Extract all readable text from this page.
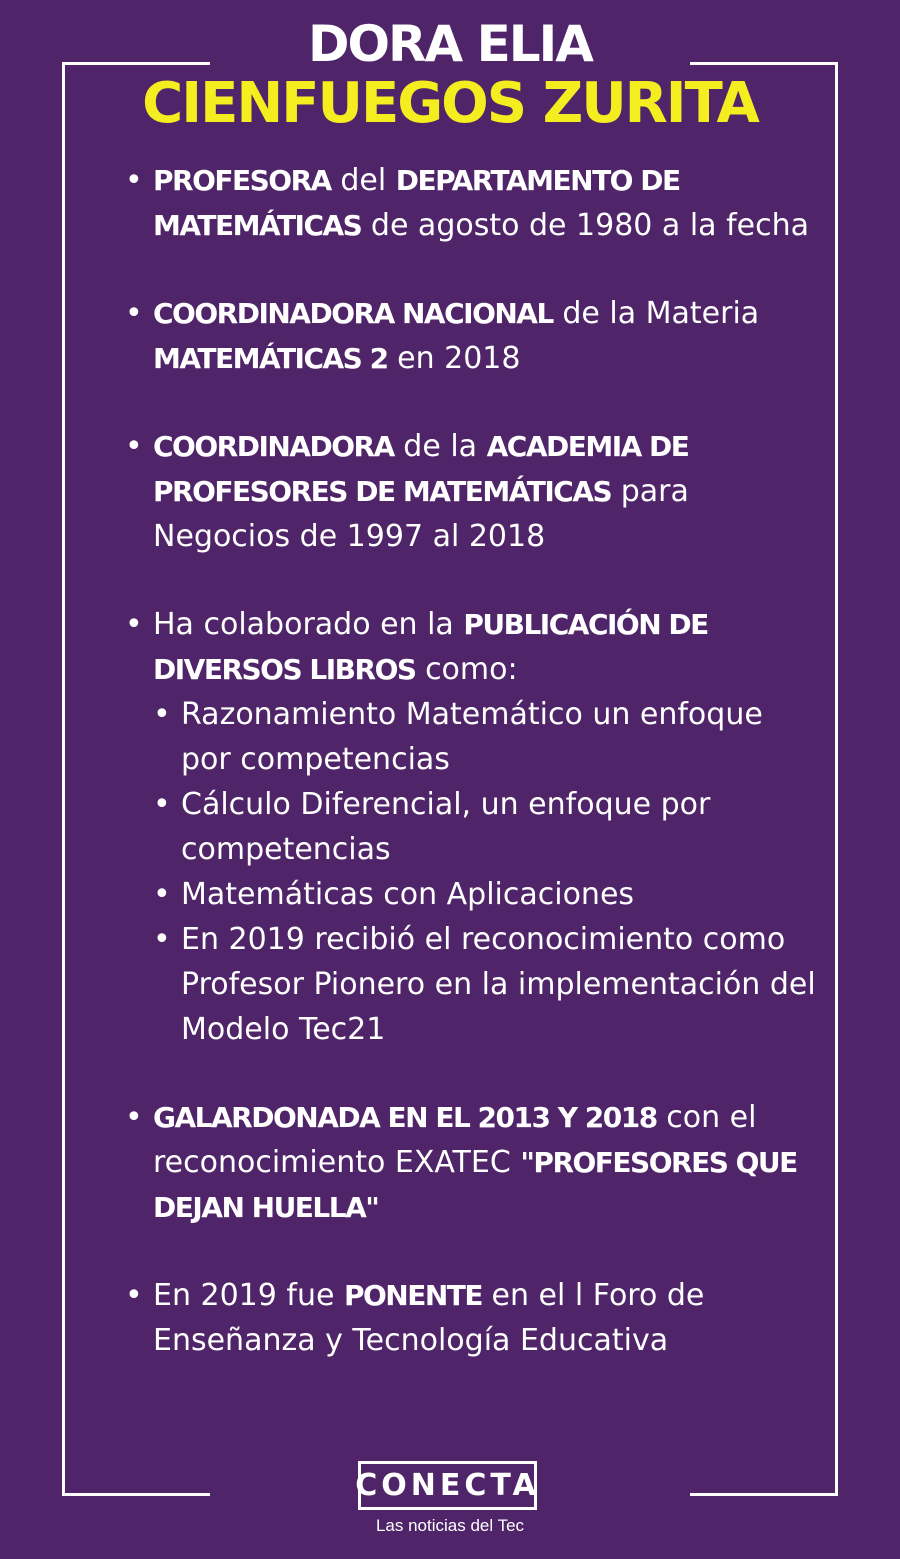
DORA ELIA
CIENFUEGOS ZURITA
• PROFESORA del DEPARTAMENTO DE MATEMÁTICAS de agosto de 1980 a la fecha
• COORDINADORA NACIONAL de la Materia MATEMÁTICAS 2 en 2018
• COORDINADORA de la ACADEMIA DE PROFESORES DE MATEMÁTICAS para Negocios de 1997 al 2018
• Ha colaborado en la PUBLICACIÓN DE DIVERSOS LIBROS como:
• Razonamiento Matemático un enfoque por competencias
• Cálculo Diferencial, un enfoque por competencias
• Matemáticas con Aplicaciones
• En 2019 recibió el reconocimiento como Profesor Pionero en la implementación del Modelo Tec21
• GALARDONADA EN EL 2013 Y 2018 con el reconocimiento EXATEC "PROFESORES QUE DEJAN HUELLA"
• En 2019 fue PONENTE en el l Foro de Enseñanza y Tecnología Educativa
CONECTA
Las noticias del Tec
